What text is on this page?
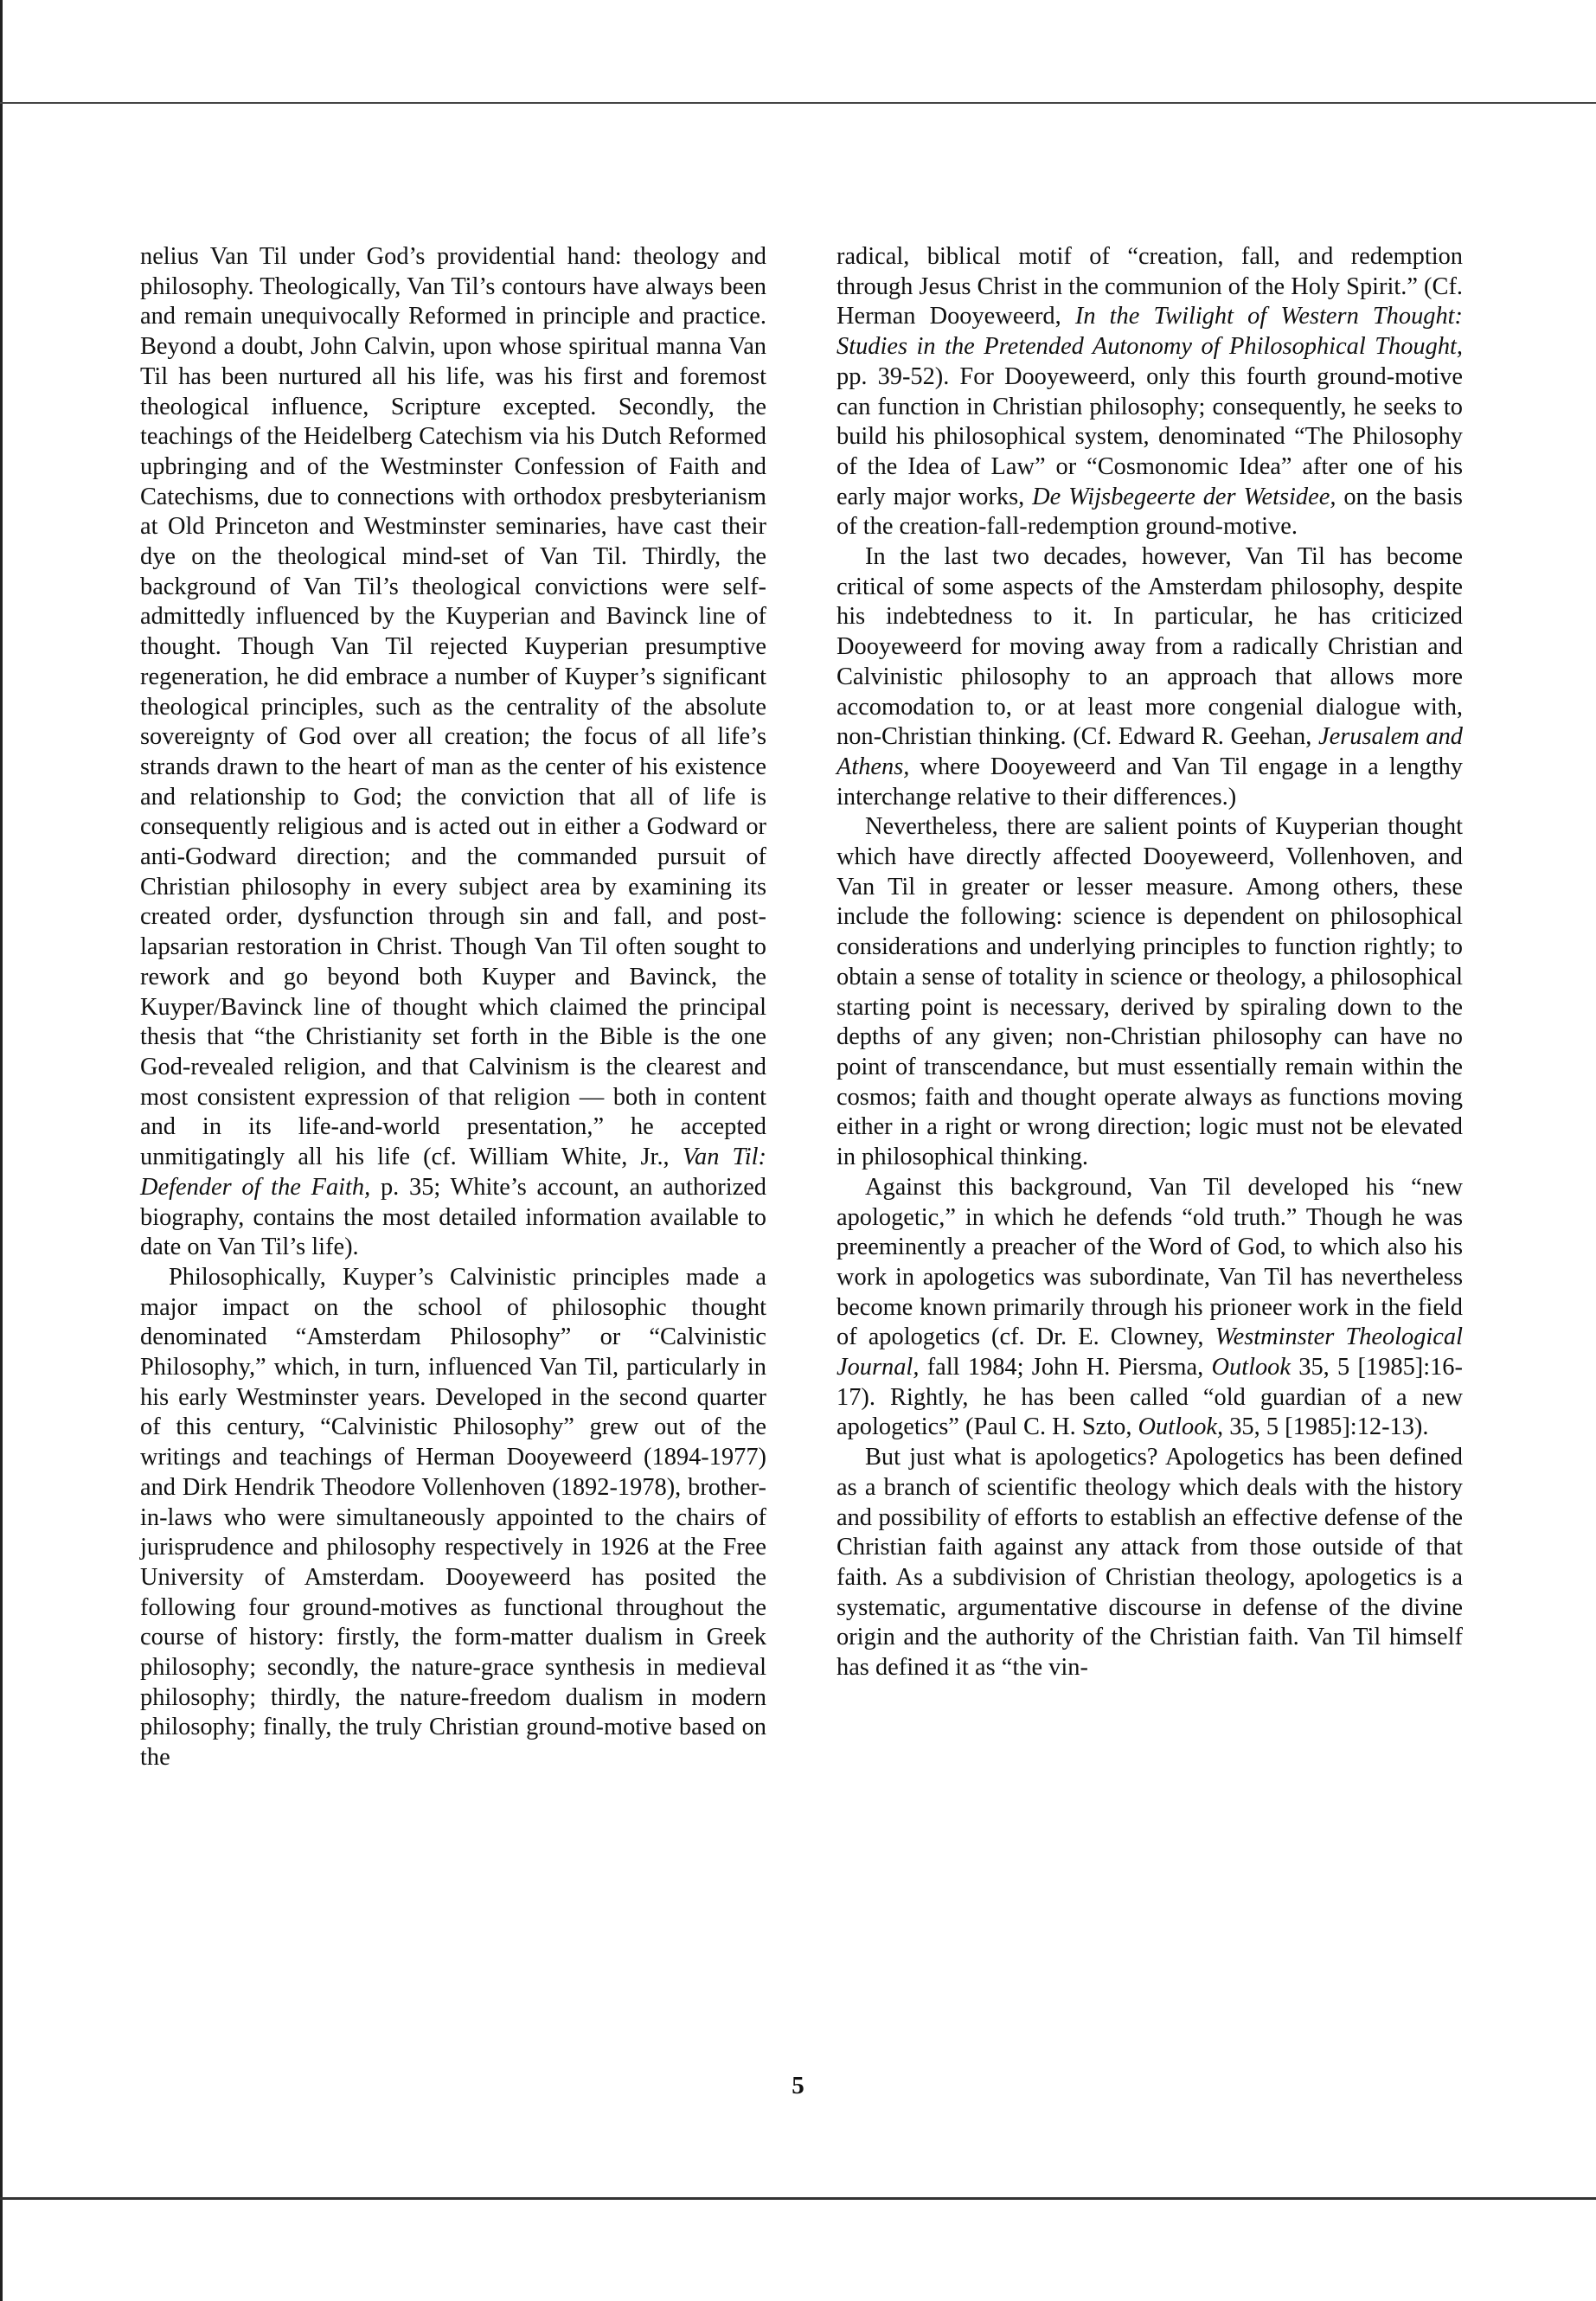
nelius Van Til under God’s providential hand: theology and philosophy. Theologically, Van Til’s contours have always been and remain unequivocally Reformed in principle and practice. Beyond a doubt, John Calvin, upon whose spiritual manna Van Til has been nurtured all his life, was his first and foremost theological influence, Scripture excepted. Secondly, the teachings of the Heidelberg Catechism via his Dutch Reformed upbringing and of the Westminster Confession of Faith and Catechisms, due to connections with orthodox presbyterianism at Old Princeton and Westminster seminaries, have cast their dye on the theological mind-set of Van Til. Thirdly, the background of Van Til’s theological convictions were self-admittedly influenced by the Kuyperian and Bavinck line of thought. Though Van Til rejected Kuyperian presumptive regeneration, he did embrace a number of Kuyper’s significant theological principles, such as the centrality of the absolute sovereignty of God over all creation; the focus of all life’s strands drawn to the heart of man as the center of his existence and relationship to God; the conviction that all of life is consequently religious and is acted out in either a Godward or anti-Godward direction; and the commanded pursuit of Christian philosophy in every subject area by examining its created order, dysfunction through sin and fall, and post-lapsarian restoration in Christ. Though Van Til often sought to rework and go beyond both Kuyper and Bavinck, the Kuyper/Bavinck line of thought which claimed the principal thesis that “the Christianity set forth in the Bible is the one God-revealed religion, and that Calvinism is the clearest and most consistent expression of that religion — both in content and in its life-and-world presentation,” he accepted unmitigatingly all his life (cf. William White, Jr., Van Til: Defender of the Faith, p. 35; White’s account, an authorized biography, contains the most detailed information available to date on Van Til’s life).

Philosophically, Kuyper’s Calvinistic principles made a major impact on the school of philosophic thought denominated “Amsterdam Philosophy” or “Calvinistic Philosophy,” which, in turn, influenced Van Til, particularly in his early Westminster years. Developed in the second quarter of this century, “Calvinistic Philosophy” grew out of the writings and teachings of Herman Dooyeweerd (1894-1977) and Dirk Hendrik Theodore Vollenhoven (1892-1978), brother-in-laws who were simultaneously appointed to the chairs of jurisprudence and philosophy respectively in 1926 at the Free University of Amsterdam. Dooyeweerd has posited the following four ground-motives as functional throughout the course of history: firstly, the form-matter dualism in Greek philosophy; secondly, the nature-grace synthesis in medieval philosophy; thirdly, the nature-freedom dualism in modern philosophy; finally, the truly Christian ground-motive based on the

radical, biblical motif of “creation, fall, and redemption through Jesus Christ in the communion of the Holy Spirit.” (Cf. Herman Dooyeweerd, In the Twilight of Western Thought: Studies in the Pretended Autonomy of Philosophical Thought, pp. 39-52). For Dooyeweerd, only this fourth ground-motive can function in Christian philosophy; consequently, he seeks to build his philosophical system, denominated “The Philosophy of the Idea of Law” or “Cosmonomic Idea” after one of his early major works, De Wijsbegeerte der Wetsidee, on the basis of the creation-fall-redemption ground-motive.

In the last two decades, however, Van Til has become critical of some aspects of the Amsterdam philosophy, despite his indebtedness to it. In particular, he has criticized Dooyeweerd for moving away from a radically Christian and Calvinistic philosophy to an approach that allows more accomodation to, or at least more congenial dialogue with, non-Christian thinking. (Cf. Edward R. Geehan, Jerusalem and Athens, where Dooyeweerd and Van Til engage in a lengthy interchange relative to their differences.)

Nevertheless, there are salient points of Kuyperian thought which have directly affected Dooyeweerd, Vollenhoven, and Van Til in greater or lesser measure. Among others, these include the following: science is dependent on philosophical considerations and underlying principles to function rightly; to obtain a sense of totality in science or theology, a philosophical starting point is necessary, derived by spiraling down to the depths of any given; non-Christian philosophy can have no point of transcendance, but must essentially remain within the cosmos; faith and thought operate always as functions moving either in a right or wrong direction; logic must not be elevated in philosophical thinking.

Against this background, Van Til developed his “new apologetic,” in which he defends “old truth.” Though he was preeminently a preacher of the Word of God, to which also his work in apologetics was subordinate, Van Til has nevertheless become known primarily through his prioneer work in the field of apologetics (cf. Dr. E. Clowney, Westminster Theological Journal, fall 1984; John H. Piersma, Outlook 35, 5 [1985]:16-17). Rightly, he has been called “old guardian of a new apologetics” (Paul C. H. Szto, Outlook, 35, 5 [1985]:12-13).

But just what is apologetics? Apologetics has been defined as a branch of scientific theology which deals with the history and possibility of efforts to establish an effective defense of the Christian faith against any attack from those outside of that faith. As a subdivision of Christian theology, apologetics is a systematic, argumentative discourse in defense of the divine origin and the authority of the Christian faith. Van Til himself has defined it as “the vin-

5
